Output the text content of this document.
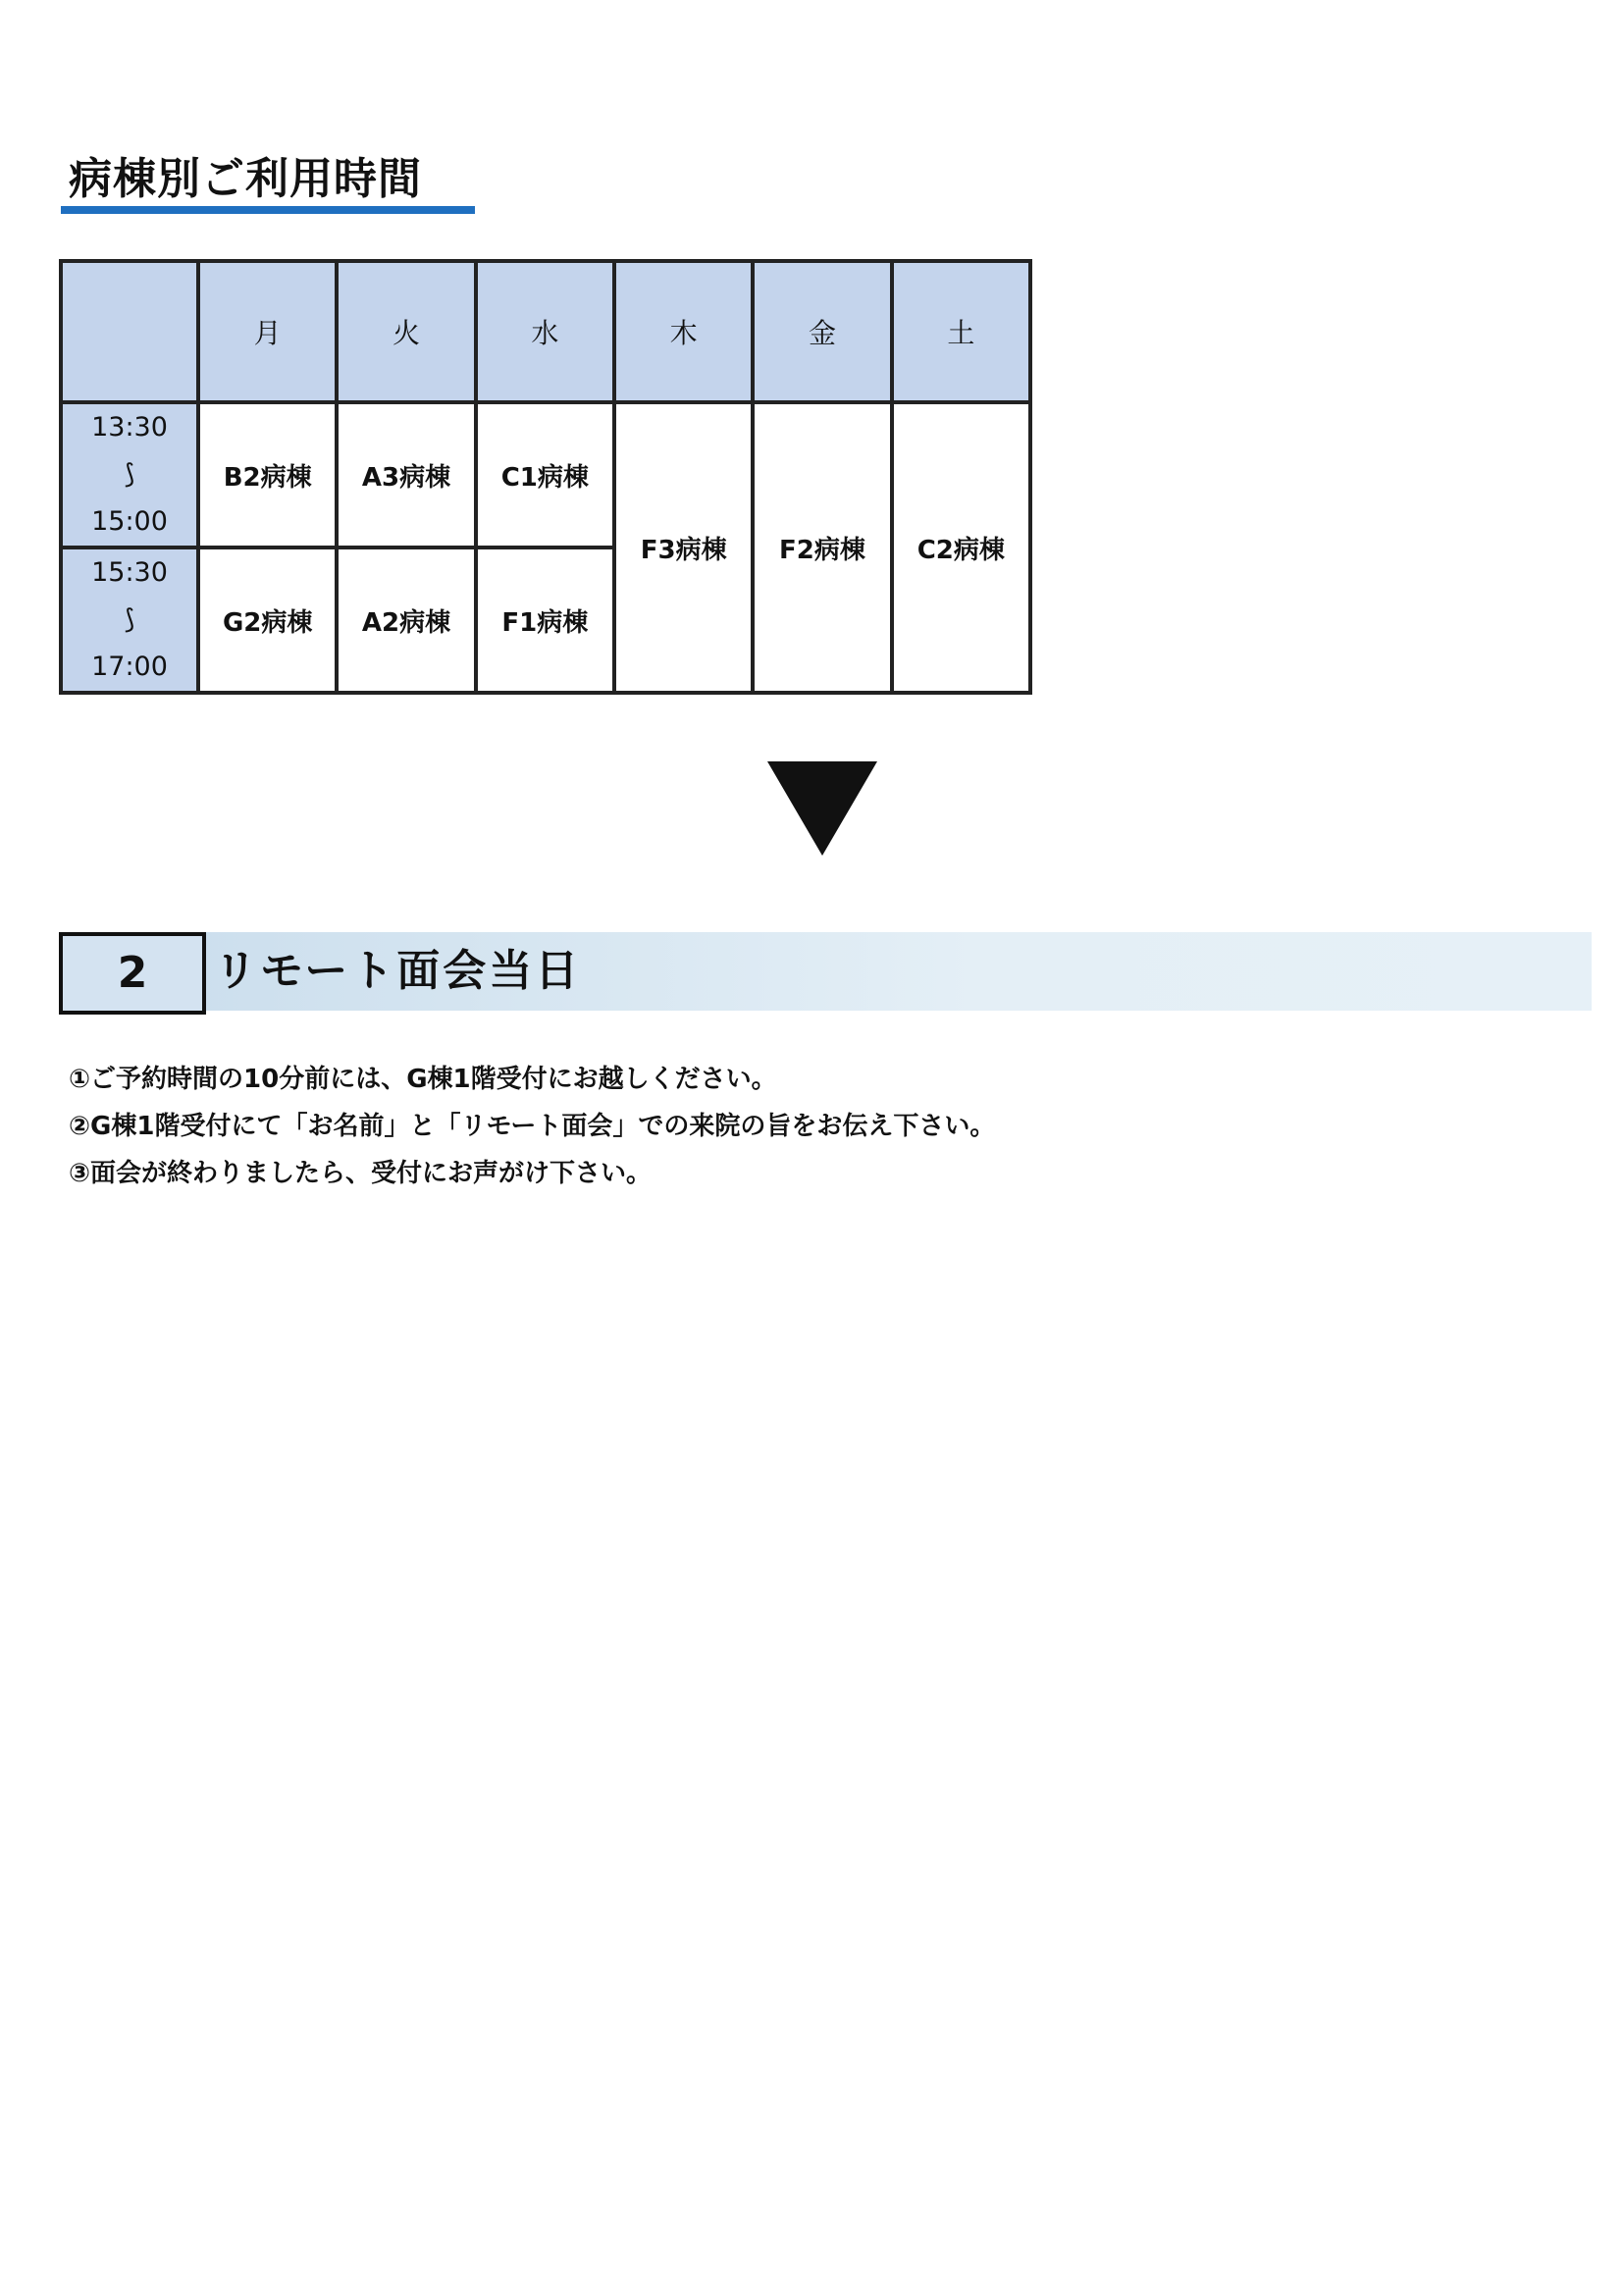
病棟別ご利用時間
	月	火	水	木	金	土

13:30
⟆
15:00	B2病棟	A3病棟	C1病棟	F3病棟	F2病棟	C2病棟

15:30
⟆
17:00	G2病棟	A2病棟	F1病棟			
2	リモート面会当日
①ご予約時間の10分前には、G棟1階受付にお越しください。
②G棟1階受付にて「お名前」と「リモート面会」での来院の旨をお伝え下さい。
③面会が終わりましたら、受付にお声がけ下さい。
